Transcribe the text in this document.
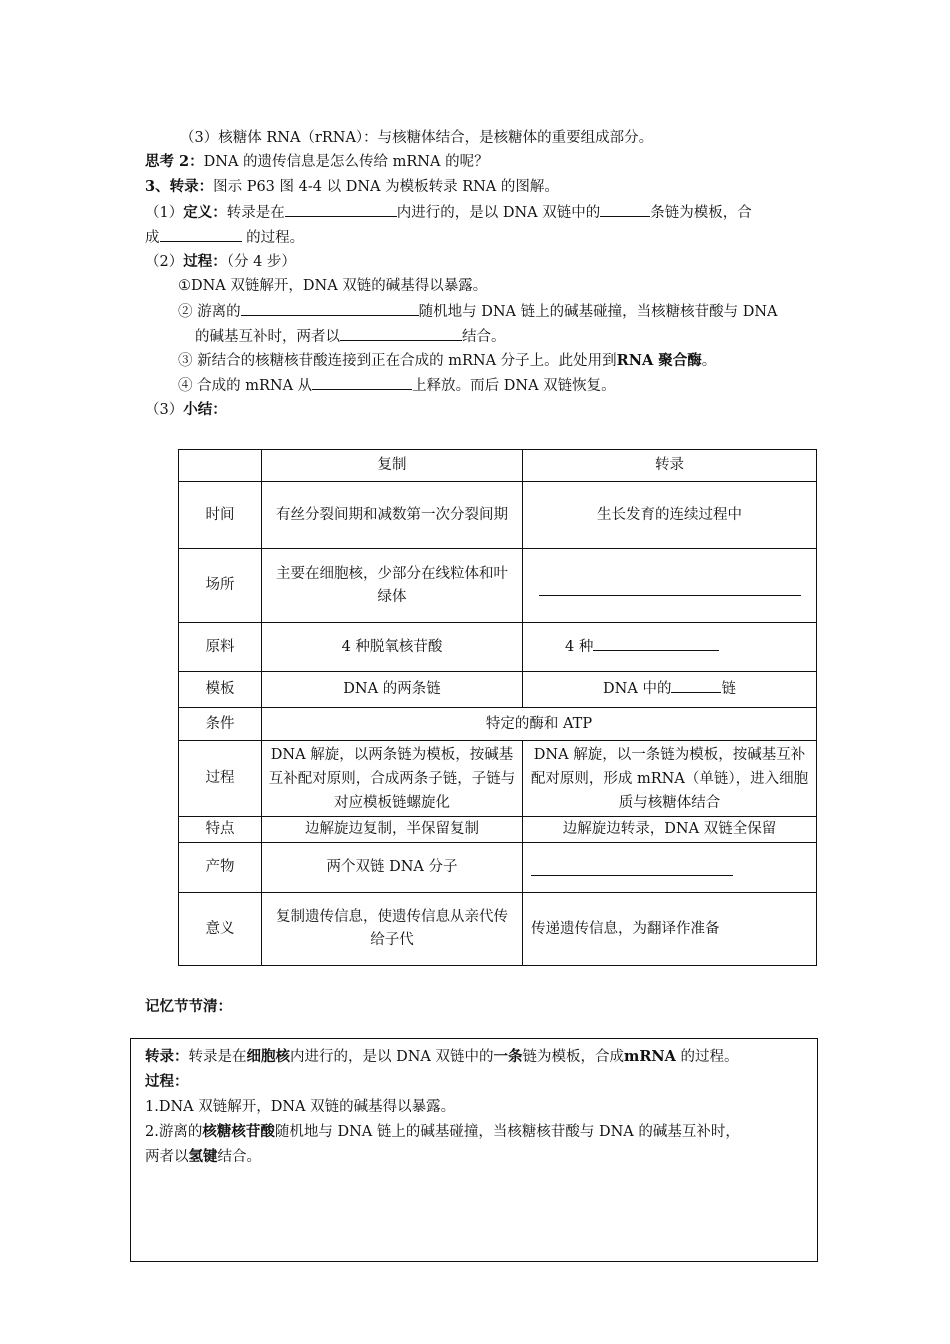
（3）核糖体 RNA（rRNA）：与核糖体结合，是核糖体的重要组成部分。
思考 2：DNA 的遗传信息是怎么传给 mRNA 的呢？
3、转录：图示 P63 图 4-4 以 DNA 为模板转录 RNA 的图解。
（1）定义：转录是在	内进行的，是以 DNA 双链中的	条链为模板，合
成	的过程。
（2）过程：（分 4 步）
①DNA 双链解开，DNA 双链的碱基得以暴露。
② 游离的	随机地与 DNA 链上的碱基碰撞，当核糖核苷酸与 DNA
的碱基互补时，两者以	结合。
③ 新结合的核糖核苷酸连接到正在合成的 mRNA 分子上。此处用到RNA 聚合酶。
④ 合成的 mRNA 从	上释放。而后 DNA 双链恢复。
（3）小结：
	复制	转录
时间	有丝分裂间期和减数第一次分裂间期	生长发育的连续过程中
场所	主要在细胞核，少部分在线粒体和叶绿体	
原料	4 种脱氧核苷酸	4 种
模板	DNA 的两条链	DNA 中的 链
条件	特定的酶和 ATP	
过程	DNA 解旋，以两条链为模板，按碱基互补配对原则，合成两条子链，子链与对应模板链螺旋化	DNA 解旋，以一条链为模板，按碱基互补配对原则，形成 mRNA（单链），进入细胞质与核糖体结合
特点	边解旋边复制，半保留复制	边解旋边转录，DNA 双链全保留
产物	两个双链 DNA 分子	
意义	复制遗传信息，使遗传信息从亲代传给子代	传递遗传信息，为翻译作准备
记忆节节清：
转录：转录是在细胞核内进行的，是以 DNA 双链中的一条链为模板，合成mRNA 的过程。
过程：
1.DNA 双链解开，DNA 双链的碱基得以暴露。
2.游离的核糖核苷酸随机地与 DNA 链上的碱基碰撞，当核糖核苷酸与 DNA 的碱基互补时，
两者以氢键结合。
